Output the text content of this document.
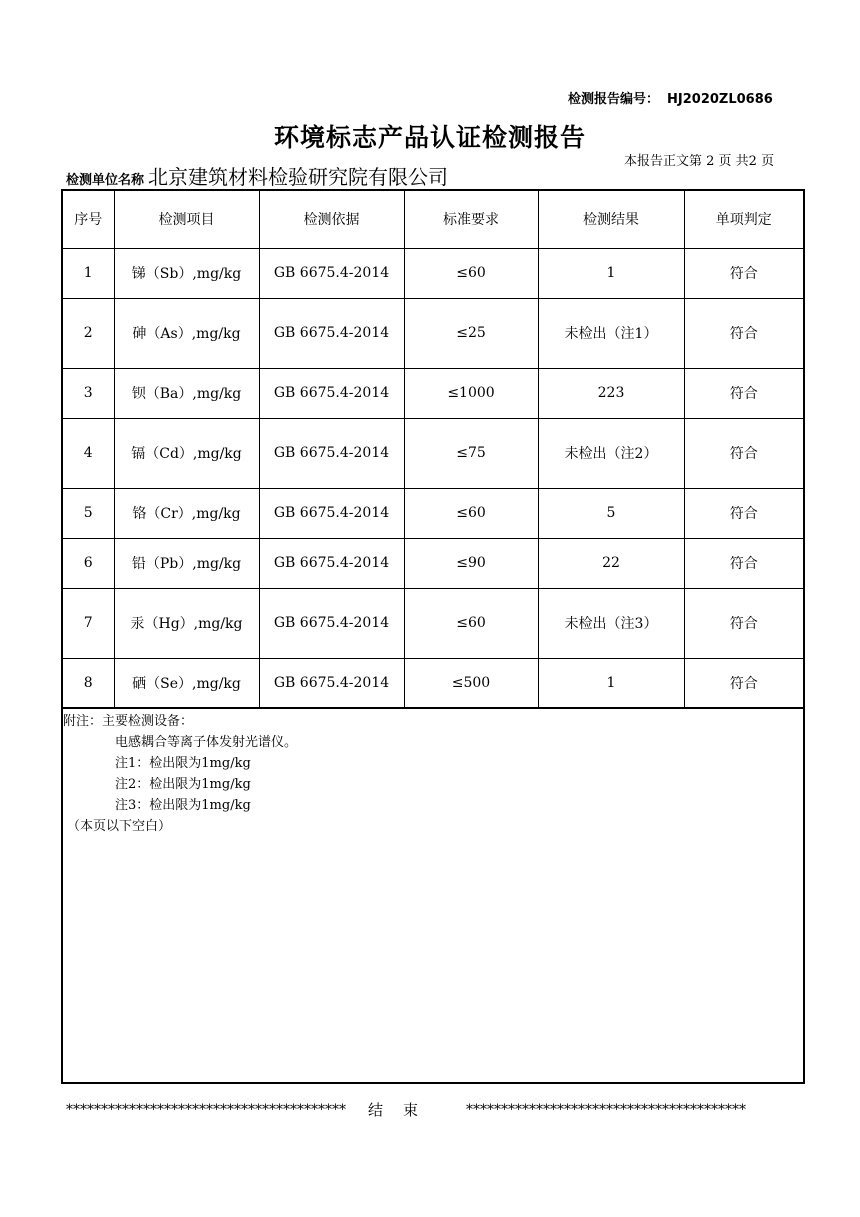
检测报告编号： HJ2020ZL0686
环境标志产品认证检测报告
本报告正文第 2 页 共2 页
检测单位名称 北京建筑材料检验研究院有限公司
序号	检测项目	检测依据	标准要求	检测结果	单项判定
1	锑（Sb）,mg/kg	GB 6675.4-2014	≤60	1	符合
2	砷（As）,mg/kg	GB 6675.4-2014	≤25	未检出（注1）	符合
3	钡（Ba）,mg/kg	GB 6675.4-2014	≤1000	223	符合
4	镉（Cd）,mg/kg	GB 6675.4-2014	≤75	未检出（注2）	符合
5	铬（Cr）,mg/kg	GB 6675.4-2014	≤60	5	符合
6	铅（Pb）,mg/kg	GB 6675.4-2014	≤90	22	符合
7	汞（Hg）,mg/kg	GB 6675.4-2014	≤60	未检出（注3）	符合
8	硒（Se）,mg/kg	GB 6675.4-2014	≤500	1	符合
附注：主要检测设备：
电感耦合等离子体发射光谱仪。
注1：检出限为1mg/kg
注2：检出限为1mg/kg
注3：检出限为1mg/kg
（本页以下空白）
**************************************** 结束 ****************************************
